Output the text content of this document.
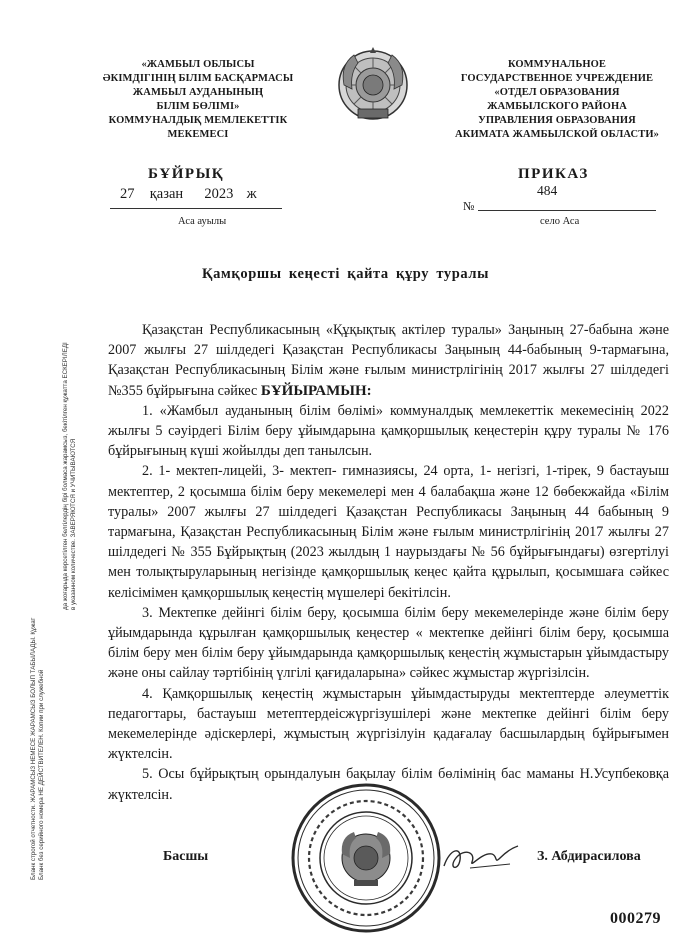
Бланк строгой отчетности. ЖАРАМСЫЗ НЕМЕСЕ ЖАРАМСЫЗ БОЛЫП ТАБЫЛАДЫ. Құжат Бланк без серийного номера НЕ ДЕЙСТВИТЕЛЕН. Копии при служебной
да жоғарыда көрсетілген белгілердің бірі болмаса жарамсыз, бекітілген құжатта ЕСКЕРІЛЕДІ в указанном количестве. ЗАВЕРЯЮТСЯ и УЧИТЫВАЮТСЯ
«ЖАМБЫЛ ОБЛЫСЫ
ӘКІМДІГІНІҢ БІЛІМ БАСҚАРМАСЫ
ЖАМБЫЛ АУДАНЫНЫҢ
БІЛІМ БӨЛІМІ»
КОММУНАЛДЫҚ МЕМЛЕКЕТТІК
МЕКЕМЕСІ
КОММУНАЛЬНОЕ
ГОСУДАРСТВЕННОЕ УЧРЕЖДЕНИЕ
«ОТДЕЛ ОБРАЗОВАНИЯ
ЖАМБЫЛСКОГО РАЙОНА
УПРАВЛЕНИЯ ОБРАЗОВАНИЯ
АКИМАТА ЖАМБЫЛСКОЙ ОБЛАСТИ»
БҰЙРЫҚ
27 қазан 2023 ж
Аса ауылы
ПРИКАЗ
484
№
село Аса
Қамқоршы кеңесті қайта құру туралы

Қазақстан Республикасының «Құқықтық актілер туралы» Заңының 27-бабына және 2007 жылғы 27 шілдедегі Қазақстан Республикасы Заңының 44-бабының 9-тармағына, Қазақстан Республикасының Білім және ғылым министрлігінің 2017 жылғы 27 шілдедегі №355 бұйрығына сәйкес БҰЙЫРАМЫН:

1. «Жамбыл ауданының білім бөлімі» коммуналдық мемлекеттік мекемесінің 2022 жылғы 5 сәуірдегі Білім беру ұйымдарына қамқоршылық кеңестерін құру туралы № 176 бұйрығының күші жойылды деп танылсын.

2. 1- мектеп-лицейі, 3- мектеп- гимназиясы, 24 орта, 1- негізгі, 1-тірек, 9 бастауыш мектептер, 2 қосымша білім беру мекемелері мен 4 балабақша және 12 бөбекжайда «Білім туралы» 2007 жылғы 27 шілдедегі Қазақстан Республикасы Заңының 44 бабының 9 тармағына, Қазақстан Республикасының Білім және ғылым министрлігінің 2017 жылғы 27 шілдедегі № 355 Бұйрықтың (2023 жылдың 1 наурыздағы № 56 бұйрығындағы) өзгертілуі мен толықтыруларының негізінде қамқоршылық кеңес қайта құрылып, қосымшаға сәйкес келісімімен қамқоршылық кеңестің мүшелері бекітілсін.

3. Мектепке дейінгі білім беру, қосымша білім беру мекемелерінде және білім беру ұйымдарында құрылған қамқоршылық кеңестер « мектепке дейінгі білім беру, қосымша білім беру мен білім беру ұйымдарында қамқоршылық кеңестің жұмыстарын ұйымдастыру және оны сайлау тәртібінің үлгілі қағидаларына» сәйкес жұмыстар жүргізілсін.

4. Қамқоршылық кеңестің жұмыстарын ұйымдастыруды мектептерде әлеуметтік педагогтары, бастауыш метептердеісжүргізушілері және мектепке дейінгі білім беру мекемелерінде әдіскерлері, жұмыстың жүргізілуін қадағалау басшылардың бұйрығымен жүктелсін.

5. Осы бұйрықтың орындалуын бақылау білім бөлімінің бас маманы Н.Усупбековқа жүктелсін.

Басшы	З. Абдирасилова
000279
